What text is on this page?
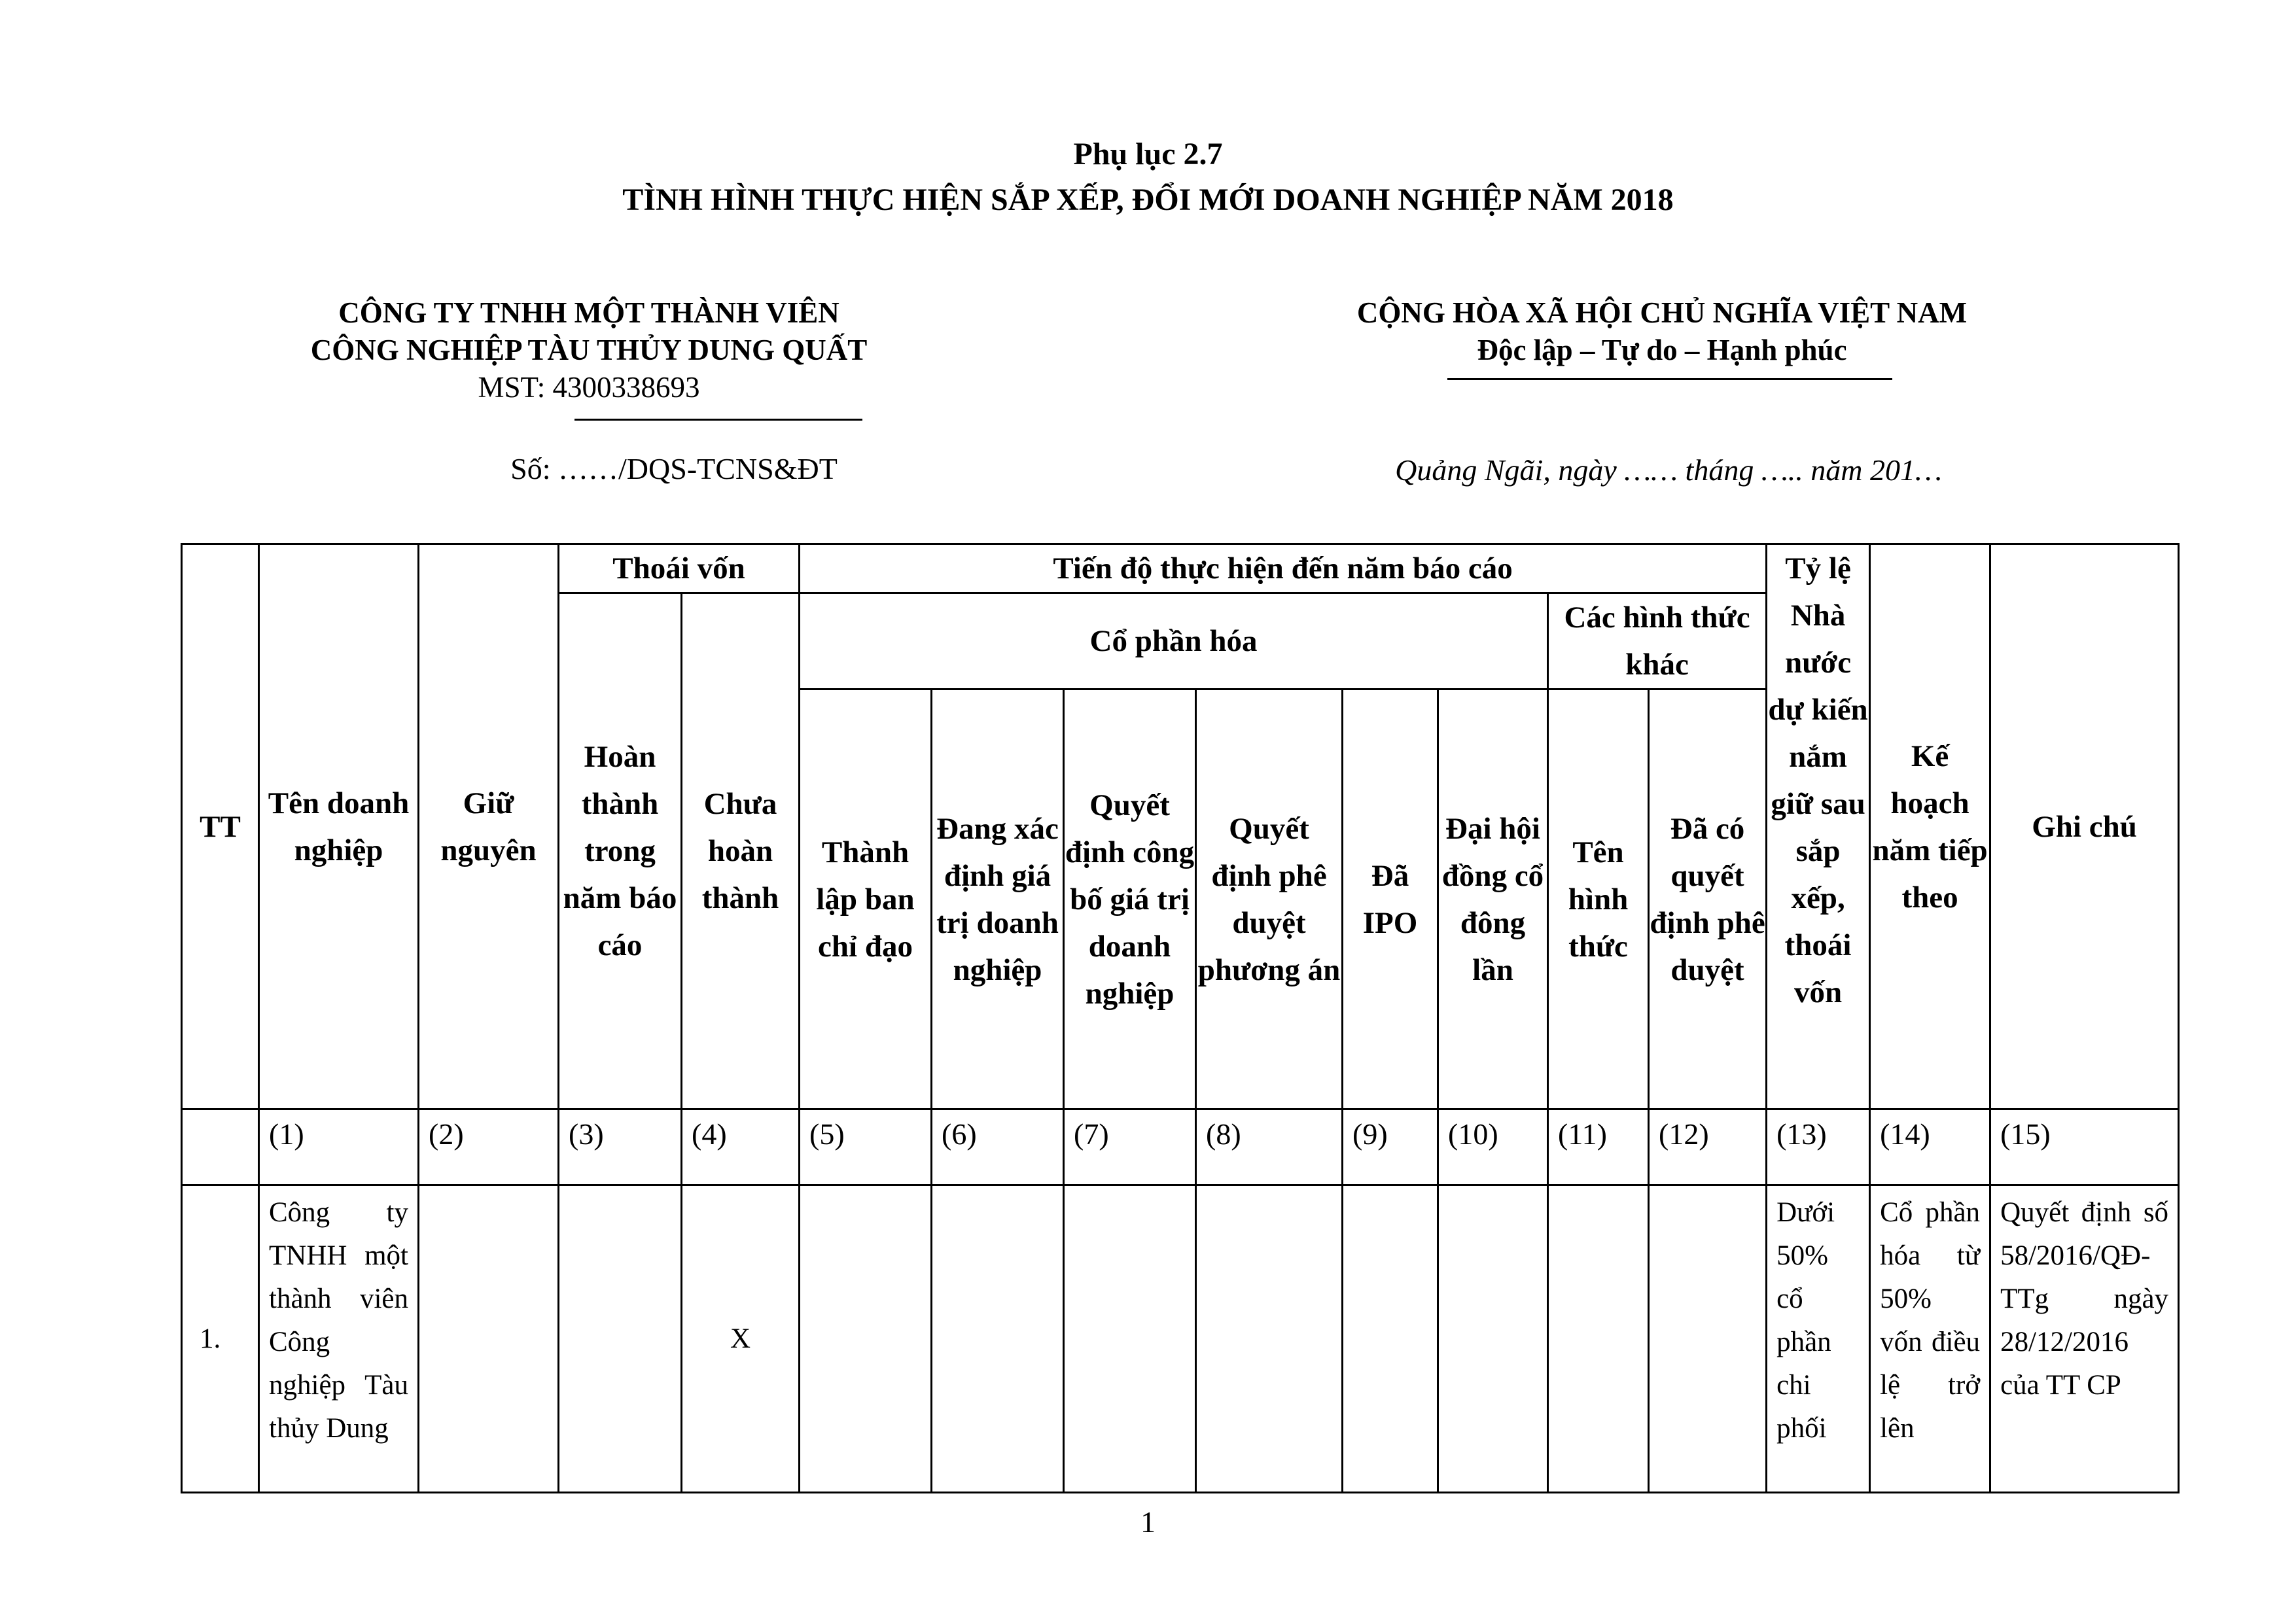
Phụ lục 2.7
TÌNH HÌNH THỰC HIỆN SẮP XẾP, ĐỔI MỚI DOANH NGHIỆP NĂM 2018
CÔNG TY TNHH MỘT THÀNH VIÊN
CÔNG NGHIỆP TÀU THỦY DUNG QUẤT
MST: 4300338693
CỘNG HÒA XÃ HỘI CHỦ NGHĨA VIỆT NAM
Độc lập – Tự do – Hạnh phúc
Số: ……/DQS-TCNS&ĐT	Quảng Ngãi, ngày …… tháng ….. năm 201…
TT	Tên doanh nghiệp	Giữ nguyên	Thoái vốn		Tiến độ thực hiện đến năm báo cáo								Tỷ lệ Nhà nước dự kiến nắm giữ sau sắp xếp, thoái vốn	Kế hoạch năm tiếp theo	Ghi chú
			Hoàn thành trong năm báo cáo	Chưa hoàn thành	Cổ phần hóa						Các hình thức khác				
					Thành lập ban chỉ đạo	Đang xác định giá trị doanh nghiệp	Quyết định công bố giá trị doanh nghiệp	Quyết định phê duyệt phương án	Đã IPO	Đại hội đồng cổ đông lần	Tên hình thức	Đã có quyết định phê duyệt			
	(1)	(2)	(3)	(4)	(5)	(6)	(7)	(8)	(9)	(10)	(11)	(12)	(13)	(14)	(15)
1.	Công ty TNHH một thành viên Công nghiệp Tàu thủy Dung			X									Dưới 50% cổ phần chi phối	Cổ phần hóa từ 50% vốn điều lệ trở lên	Quyết định số 58/2016/QĐ-TTg ngày 28/12/2016 của TT CP
1
